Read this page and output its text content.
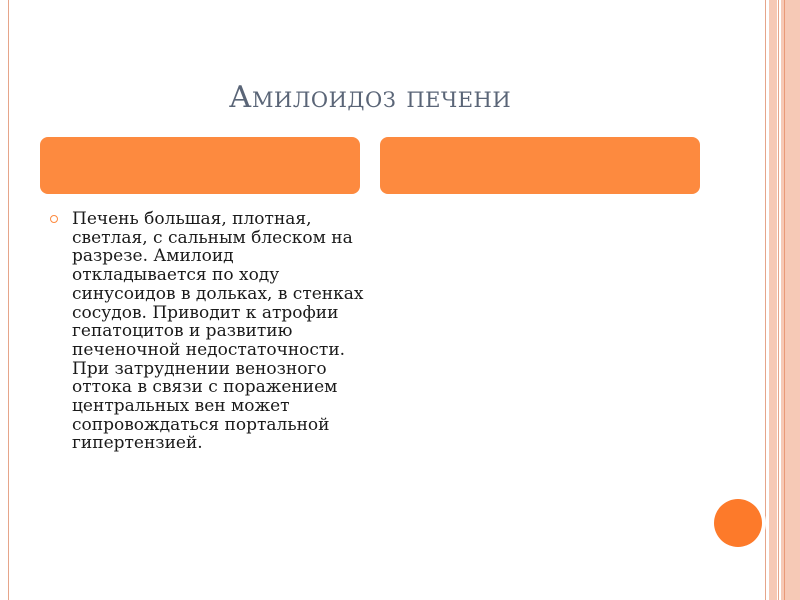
Амилоидоз печени
Печень большая, плотная, светлая, с сальным блеском на разрезе. Амилоид откладывается по ходу синусоидов в дольках, в стенках сосудов. Приводит к атрофии гепатоцитов и развитию печеночной недостаточности. При затруднении венозного оттока в связи с поражением центральных вен может сопровождаться портальной гипертензией.
